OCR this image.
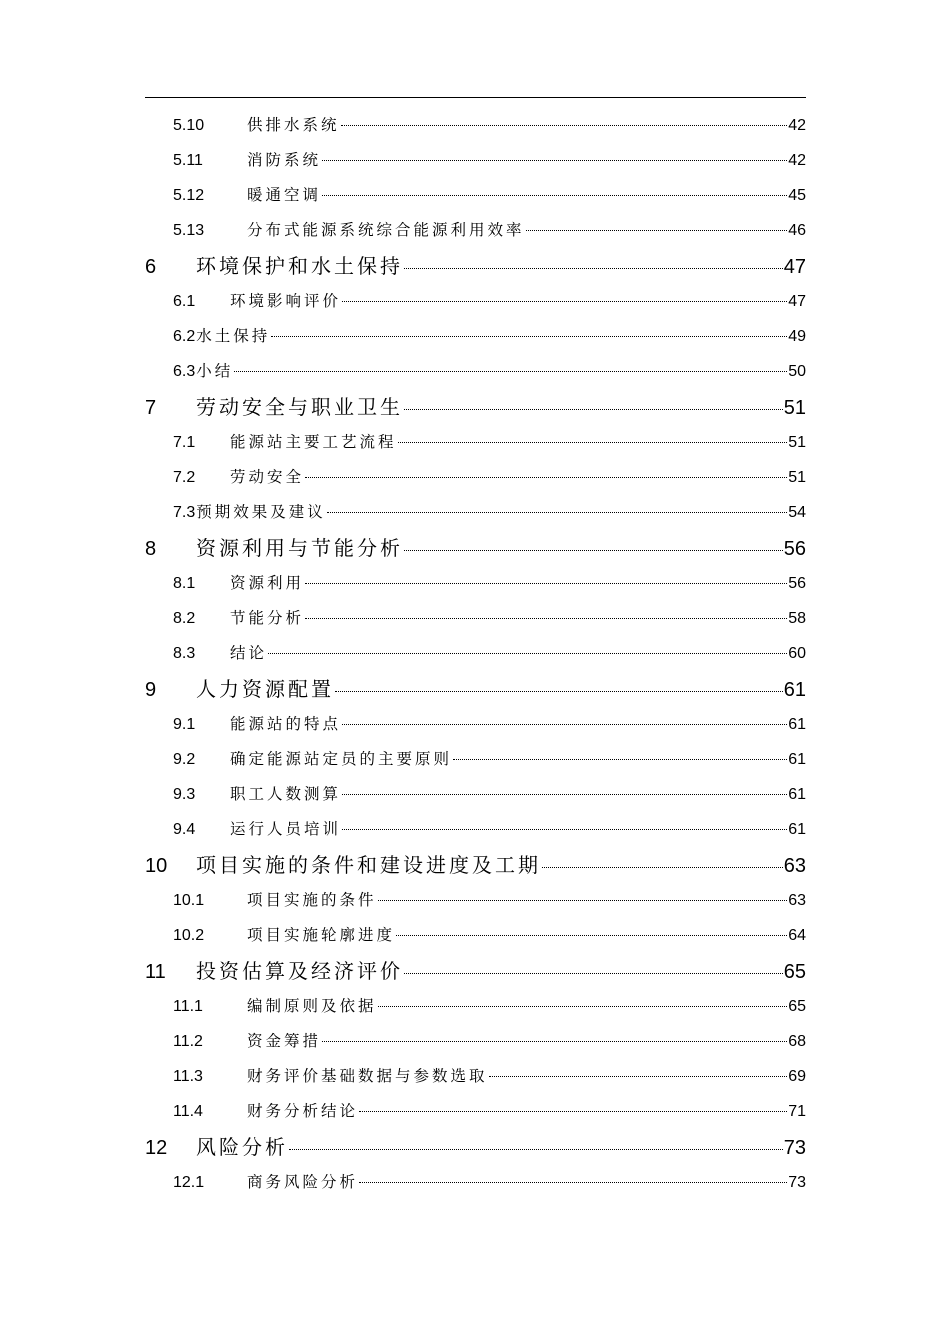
5.10	供排水系统	42
5.11	消防系统	42
5.12	暖通空调	45
5.13	分布式能源系统综合能源利用效率	46
6	环境保护和水土保持	47
6.1	环境影响评价	47
6.2 水土保持	49
6.3 小结	50
7	劳动安全与职业卫生	51
7.1	能源站主要工艺流程	51
7.2	劳动安全	51
7.3 预期效果及建议	54
8	资源利用与节能分析	56
8.1	资源利用	56
8.2	节能分析	58
8.3	结论	60
9	人力资源配置	61
9.1	能源站的特点	61
9.2	确定能源站定员的主要原则	61
9.3	职工人数测算	61
9.4	运行人员培训	61
10	项目实施的条件和建设进度及工期	63
10.1	项目实施的条件	63
10.2	项目实施轮廓进度	64
11	投资估算及经济评价	65
11.1	编制原则及依据	65
11.2	资金筹措	68
11.3	财务评价基础数据与参数选取	69
11.4	财务分析结论	71
12	风险分析	73
12.1	商务风险分析	73
